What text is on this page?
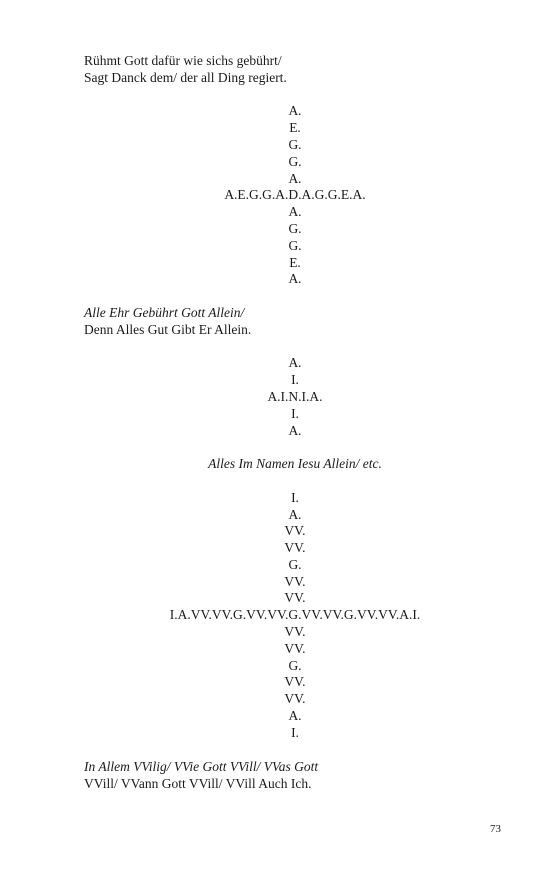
Rühmt Gott dafür wie sichs gebührt/
Sagt Danck dem/ der all Ding regiert.
A.
E.
G.
G.
A.
A.E.G.G.A.D.A.G.G.E.A.
A.
G.
G.
E.
A.
Alle Ehr Gebührt Gott Allein/
Denn Alles Gut Gibt Er Allein.
A.
I.
A.I.N.I.A.
I.
A.
Alles Im Namen Iesu Allein/ etc.
I.
A.
VV.
VV.
G.
VV.
VV.
I.A.VV.VV.G.VV.VV.G.VV.VV.G.VV.VV.A.I.
VV.
VV.
G.
VV.
VV.
A.
I.
In Allem VVilig/ VVie Gott VVill/ VVas Gott
VVill/ VVann Gott VVill/ VVill Auch Ich.
73
